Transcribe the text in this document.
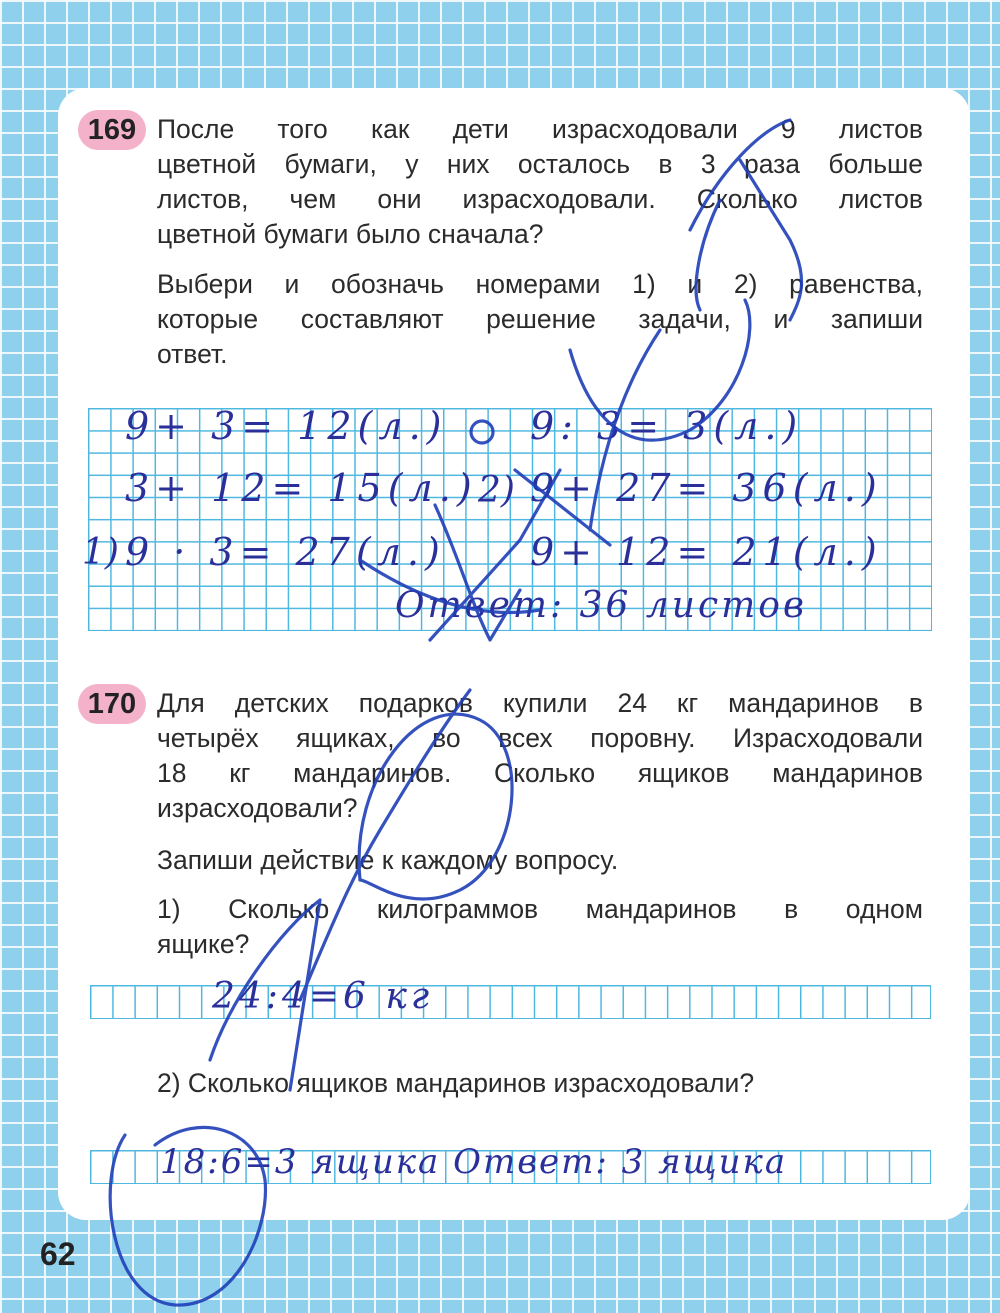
169 После того как дети израсходовали 9 листов
цветной бумаги, у них осталось в 3 раза больше
листов, чем они израсходовали. Сколько листов
цветной бумаги было сначала?
Выбери и обозначь номерами 1) и 2) равенства,
которые составляют решение задачи, и запиши
ответ.
9+ 3= 12(л.)
3+ 12= 15(л.)
9 · 3= 27(л.)
9: 3= 3(л.)
9+ 27= 36(л.)
9+ 12= 21(л.)
1)
2)
Ответ: 36 листов
170 Для детских подарков купили 24 кг мандаринов в
четырёх ящиках, во всех поровну. Израсходовали
18 кг мандаринов. Сколько ящиков мандаринов
израсходовали?
Запиши действие к каждому вопросу.
1) Сколько килограммов мандаринов в одном
ящике?
24:4=6 кг
2) Сколько ящиков мандаринов израсходовали?
18:6=3 ящика Ответ: 3 ящика
62
